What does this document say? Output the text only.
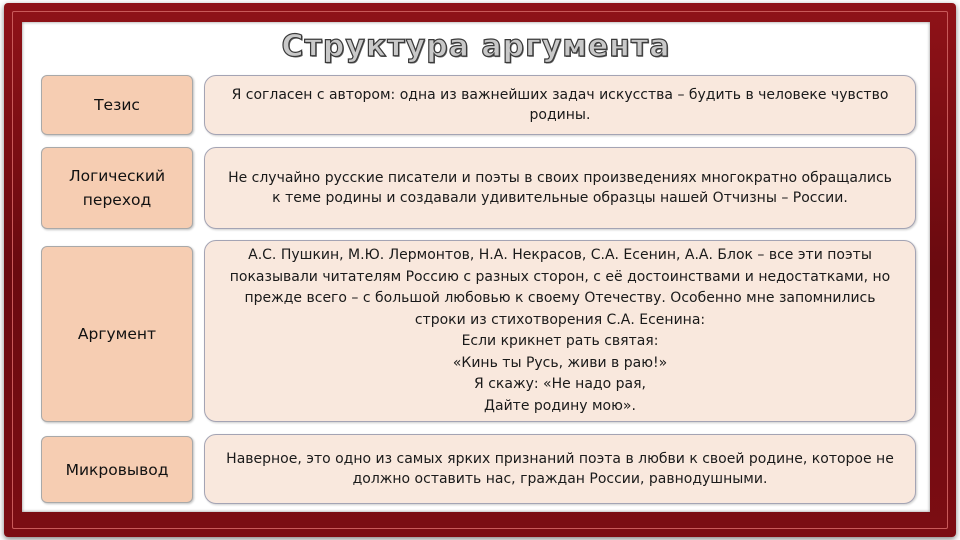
Структура аргумента
Тезис
Я согласен с автором: одна из важнейших задач искусства – будить в человеке чувство
родины.
Логический переход
Не случайно русские писатели и поэты в своих произведениях многократно обращались
к теме родины и создавали удивительные образцы нашей Отчизны – России.
Аргумент
А.С. Пушкин, М.Ю. Лермонтов, Н.А. Некрасов, С.А. Есенин, А.А. Блок – все эти поэты
показывали читателям Россию с разных сторон, с её достоинствами и недостатками, но
прежде всего – с большой любовью к своему Отечеству. Особенно мне запомнились
строки из стихотворения С.А. Есенина:
Если крикнет рать святая:
«Кинь ты Русь, живи в раю!»
Я скажу: «Не надо рая,
Дайте родину мою».
Микровывод
Наверное, это одно из самых ярких признаний поэта в любви к своей родине, которое не
должно оставить нас, граждан России, равнодушными.
